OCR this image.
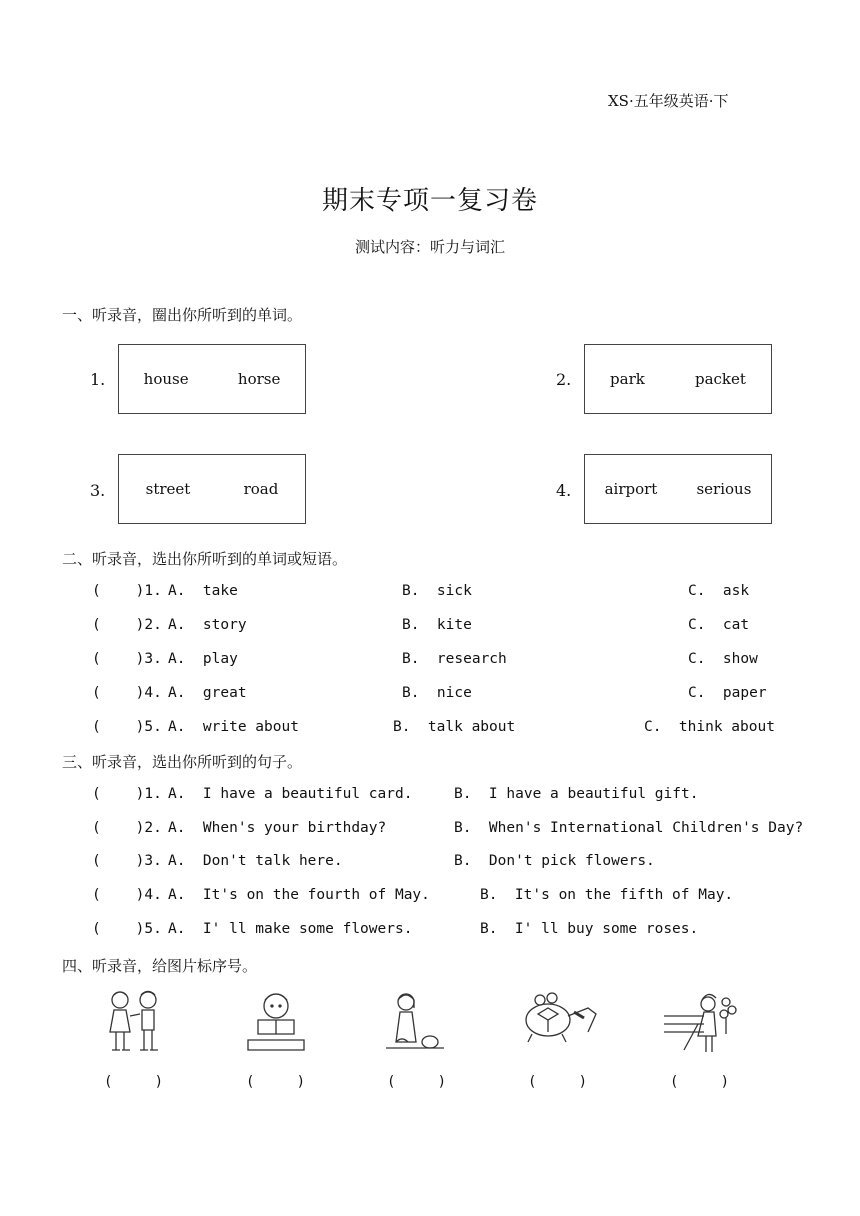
XS·五年级英语·下
期末专项一复习卷
测试内容：听力与词汇
一、听录音，圈出你所听到的单词。
1.	house	horse	2.	park	packet
3.	street	road	4. airport	serious
二、听录音，选出你所听到的单词或短语。
(    )1. A.  take	B.  sick	C.  ask
(    )2. A.  story	B.  kite	C.  cat
(    )3. A.  play	B.  research	C.  show
(    )4. A.  great	B.  nice	C.  paper
(    )5. A.  write about	B.  talk about	C.  think about
三、听录音，选出你所听到的句子。
(    )1. A.  I have a beautiful card.	B.  I have a beautiful gift.
(    )2. A.  When's your birthday?	B.  When's International Children's Day?
(    )3. A.  Don't talk here.	B.  Don't pick flowers.
(    )4. A.  It's on the fourth of May.	B.  It's on the fifth of May.
(    )5. A.  I' ll make some flowers.	B.  I' ll buy some roses.
四、听录音，给图片标序号。
(     )	(     )	(     )	(     )	(     )
